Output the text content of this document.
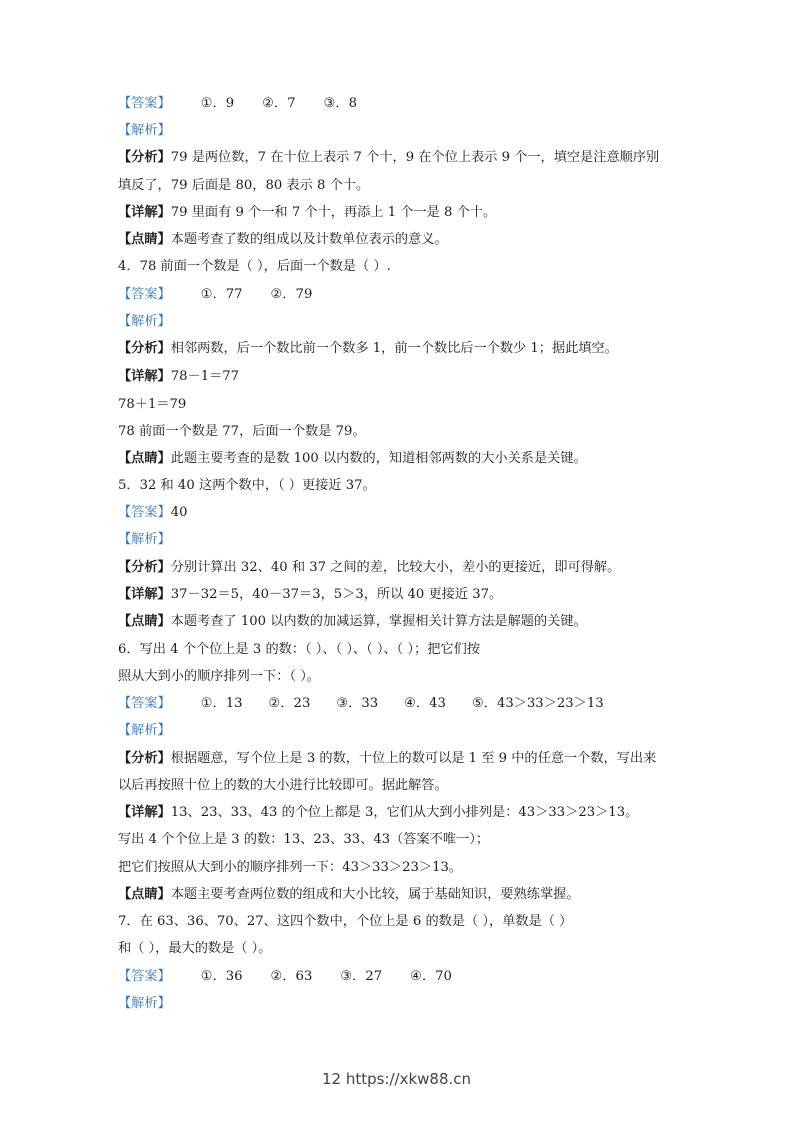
【答案】 ①．9 ②．7 ③．8
【解析】
【分析】79 是两位数，7 在十位上表示 7 个十，9 在个位上表示 9 个一，填空是注意顺序别
填反了，79 后面是 80，80 表示 8 个十。
【详解】79 里面有 9 个一和 7 个十，再添上 1 个一是 8 个十。
【点睛】本题考查了数的组成以及计数单位表示的意义。
4．78 前面一个数是（ ），后面一个数是（ ）.
【答案】 ①．77 ②．79
【解析】
【分析】相邻两数，后一个数比前一个数多 1，前一个数比后一个数少 1；据此填空。
【详解】78－1＝77
78＋1＝79
78 前面一个数是 77，后面一个数是 79。
【点睛】此题主要考查的是数 100 以内数的，知道相邻两数的大小关系是关键。
5．32 和 40 这两个数中，（ ）更接近 37。
【答案】40
【解析】
【分析】分别计算出 32、40 和 37 之间的差，比较大小，差小的更接近，即可得解。
【详解】37－32＝5，40－37＝3，5＞3，所以 40 更接近 37。
【点睛】本题考查了 100 以内数的加减运算，掌握相关计算方法是解题的关键。
6．写出 4 个个位上是 3 的数：（ ）、（ ）、（ ）、（ ）；把它们按
照从大到小的顺序排列一下：（ ）。
【答案】 ①．13 ②．23 ③．33 ④．43 ⑤．43＞33＞23＞13
【解析】
【分析】根据题意，写个位上是 3 的数，十位上的数可以是 1 至 9 中的任意一个数，写出来
以后再按照十位上的数的大小进行比较即可。据此解答。
【详解】13、23、33、43 的个位上都是 3，它们从大到小排列是：43＞33＞23＞13。
写出 4 个个位上是 3 的数：13、23、33、43（答案不唯一）；
把它们按照从大到小的顺序排列一下：43＞33＞23＞13。
【点睛】本题主要考查两位数的组成和大小比较，属于基础知识，要熟练掌握。
7．在 63、36、70、27、这四个数中，个位上是 6 的数是（ ），单数是（ ）
和（ ），最大的数是（ ）。
【答案】 ①．36 ②．63 ③．27 ④．70
【解析】
12 https://xkw88.cn
